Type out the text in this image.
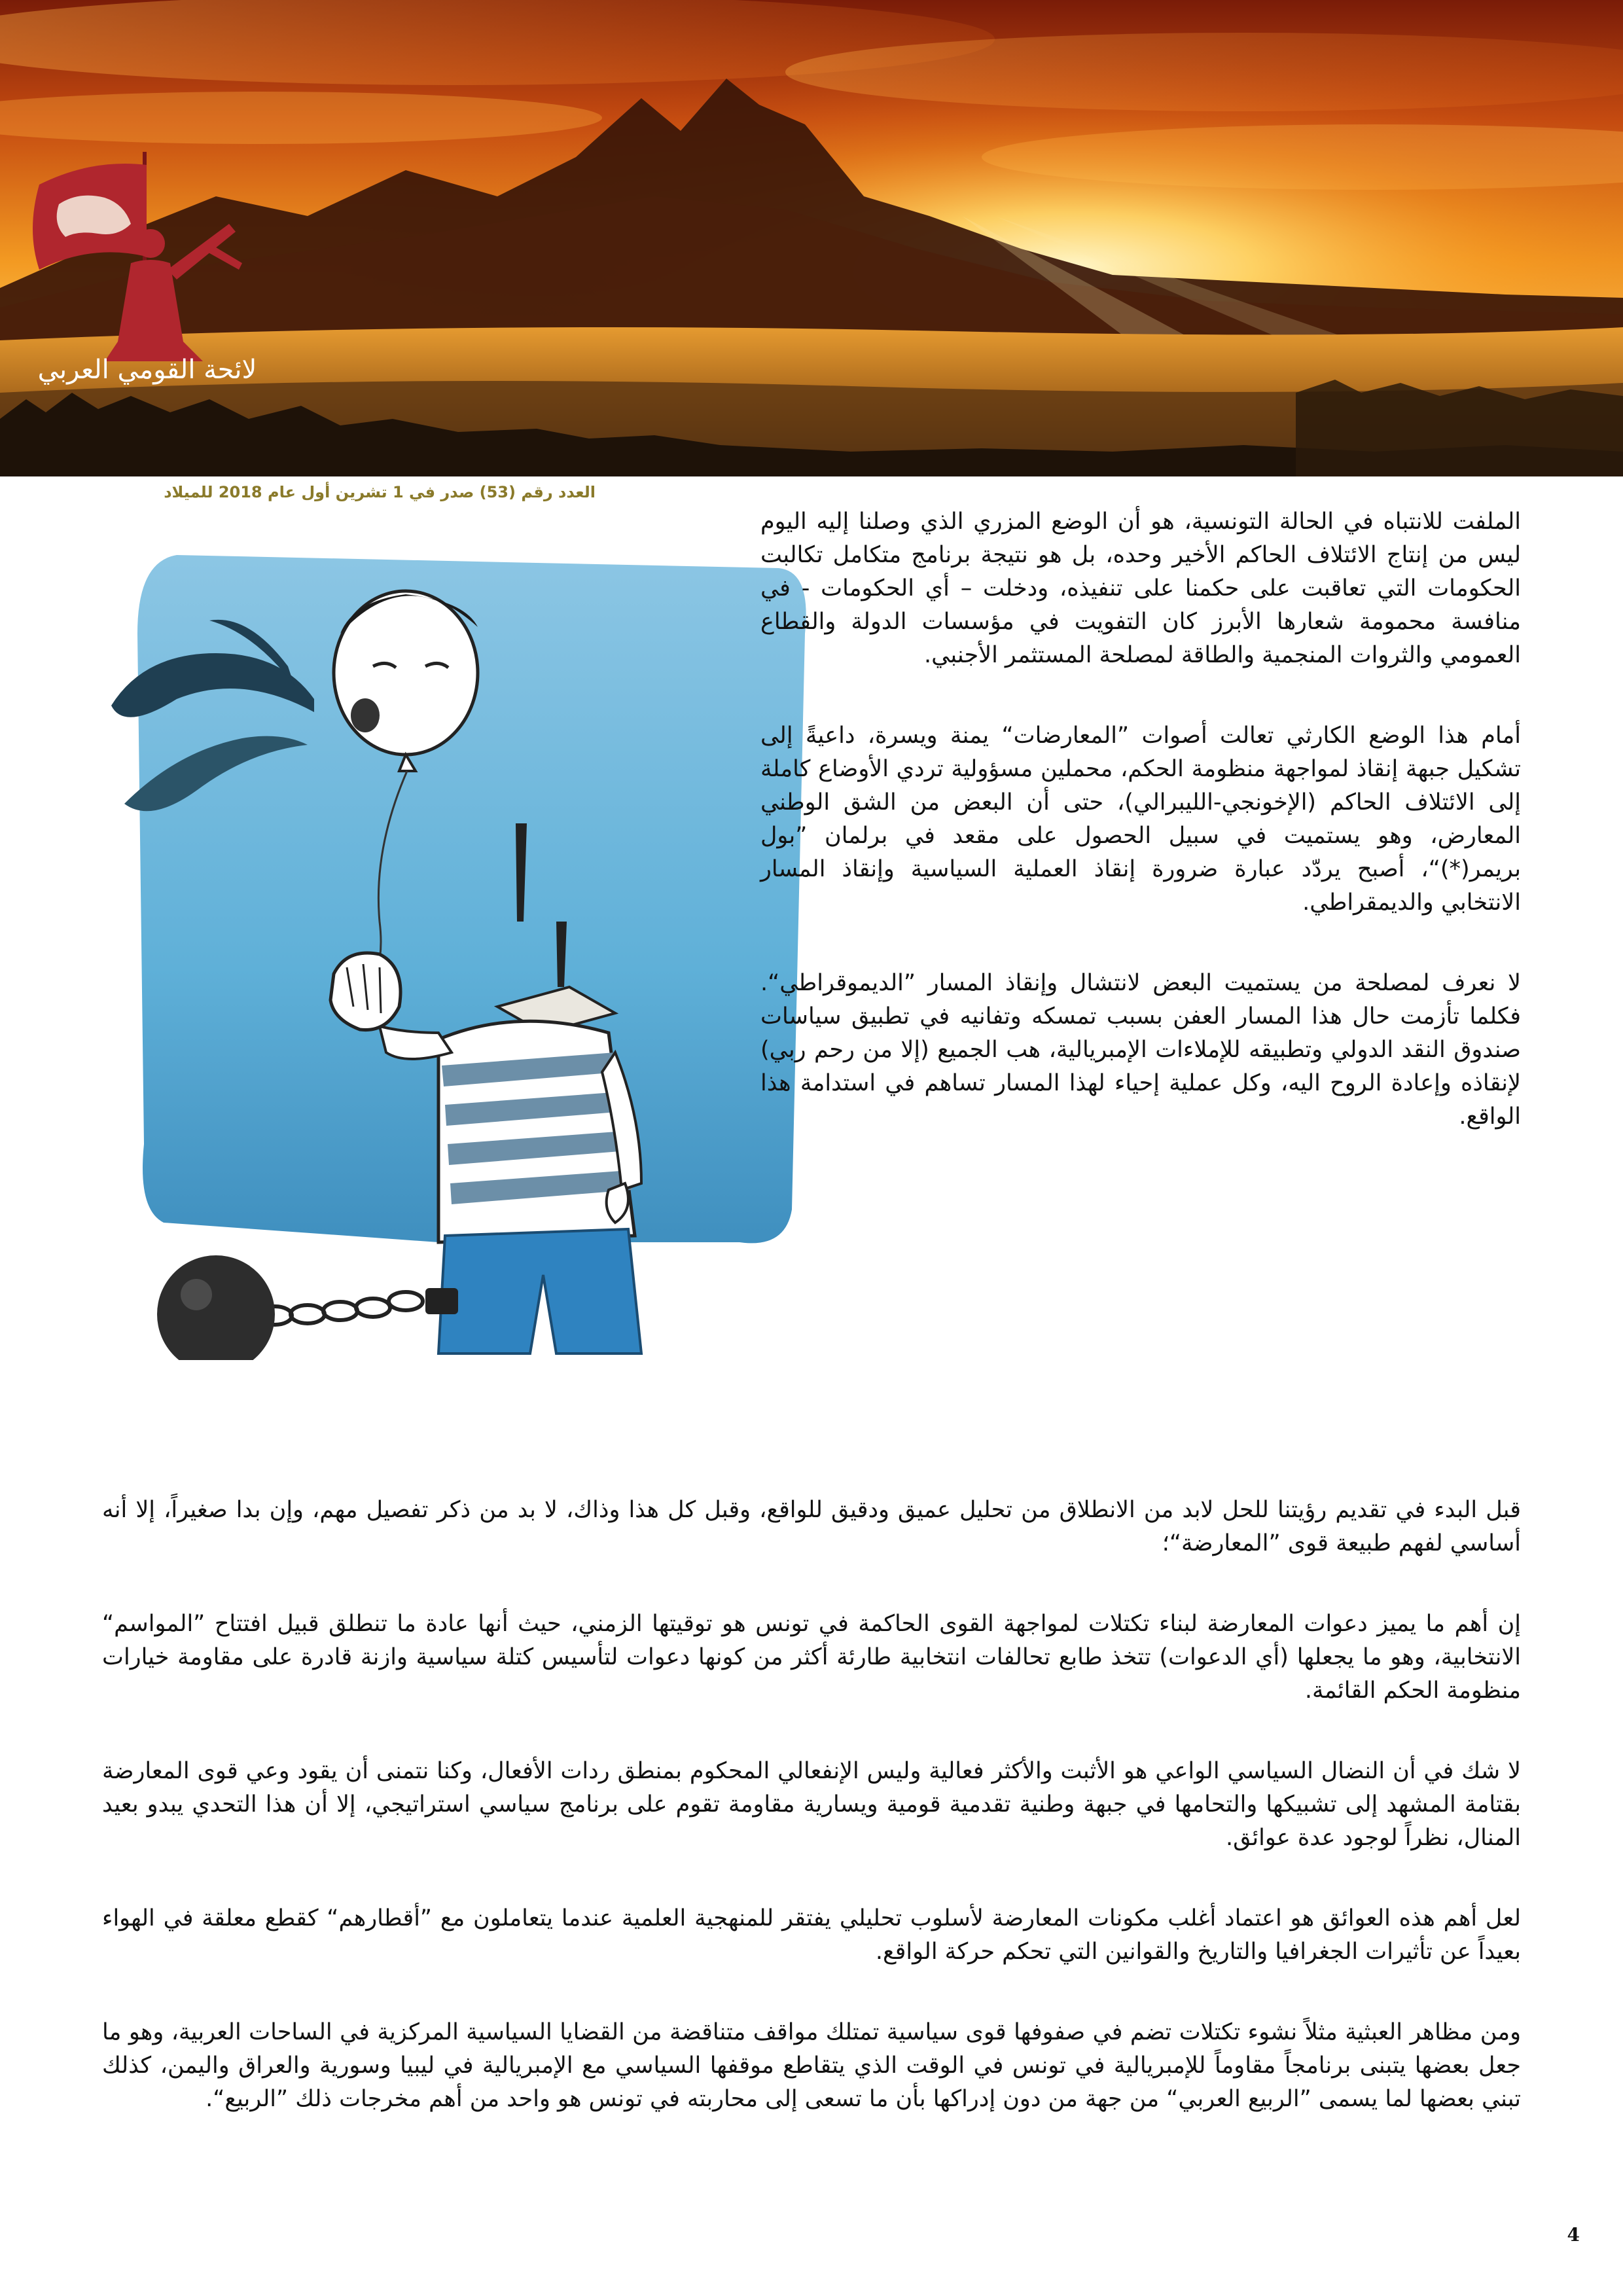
لائحة القومي العربي
العدد رقم (53) صدر في 1 تشرين أول عام 2018 للميلاد

الملفت للانتباه في الحالة التونسية، هو أن الوضع المزري الذي وصلنا إليه اليوم ليس من إنتاج الائتلاف الحاكم الأخير وحده، بل هو نتيجة برنامج متكامل تكالبت الحكومات التي تعاقبت على حكمنا على تنفيذه، ودخلت – أي الحكومات - في منافسة محمومة شعارها الأبرز كان التفويت في مؤسسات الدولة والقطاع العمومي والثروات المنجمية والطاقة لمصلحة المستثمر الأجنبي.

أمام هذا الوضع الكارثي تعالت أصوات ”المعارضات“ يمنة ويسرة، داعيةً إلى تشكيل جبهة إنقاذ لمواجهة منظومة الحكم، محملين مسؤولية تردي الأوضاع كاملة إلى الائتلاف الحاكم (الإخونجي-الليبرالي)، حتى أن البعض من الشق الوطني المعارض، وهو يستميت في سبيل الحصول على مقعد في برلمان ”بول بريمر(*)“، أصبح يردّد عبارة ضرورة إنقاذ العملية السياسية وإنقاذ المسار الانتخابي والديمقراطي.

لا نعرف لمصلحة من يستميت البعض لانتشال وإنقاذ المسار ”الديموقراطي“. فكلما تأزمت حال هذا المسار العفن بسبب تمسكه وتفانيه في تطبيق سياسات صندوق النقد الدولي وتطبيقه للإملاءات الإمبريالية، هب الجميع (إلا من رحم ربي) لإنقاذه وإعادة الروح اليه، وكل عملية إحياء لهذا المسار تساهم في استدامة هذا الواقع.

قبل البدء في تقديم رؤيتنا للحل لابد من الانطلاق من تحليل عميق ودقيق للواقع، وقبل كل هذا وذاك، لا بد من ذكر تفصيل مهم، وإن بدا صغيراً، إلا أنه أساسي لفهم طبيعة قوى ”المعارضة“؛

إن أهم ما يميز دعوات المعارضة لبناء تكتلات لمواجهة القوى الحاكمة في تونس هو توقيتها الزمني، حيث أنها عادة ما تنطلق قبيل افتتاح ”المواسم“ الانتخابية، وهو ما يجعلها (أي الدعوات) تتخذ طابع تحالفات انتخابية طارئة أكثر من كونها دعوات لتأسيس كتلة سياسية وازنة قادرة على مقاومة خيارات منظومة الحكم القائمة.

لا شك في أن النضال السياسي الواعي هو الأثبت والأكثر فعالية وليس الإنفعالي المحكوم بمنطق ردات الأفعال، وكنا نتمنى أن يقود وعي قوى المعارضة بقتامة المشهد إلى تشبيكها والتحامها في جبهة وطنية تقدمية قومية ويسارية مقاومة تقوم على برنامج سياسي استراتيجي، إلا أن هذا التحدي يبدو بعيد المنال، نظراً لوجود عدة عوائق.

لعل أهم هذه العوائق هو اعتماد أغلب مكونات المعارضة لأسلوب تحليلي يفتقر للمنهجية العلمية عندما يتعاملون مع ”أقطارهم“ كقطع معلقة في الهواء بعيداً عن تأثيرات الجغرافيا والتاريخ والقوانين التي تحكم حركة الواقع.

ومن مظاهر العبثية مثلاً نشوء تكتلات تضم في صفوفها قوى سياسية تمتلك مواقف متناقضة من القضايا السياسية المركزية في الساحات العربية، وهو ما جعل بعضها يتبنى برنامجاً مقاوماً للإمبريالية في تونس في الوقت الذي يتقاطع موقفها السياسي مع الإمبريالية في ليبيا وسورية والعراق واليمن، كذلك تبني بعضها لما يسمى ”الربيع العربي“ من جهة من دون إدراكها بأن ما تسعى إلى محاربته في تونس هو واحد من أهم مخرجات ذلك ”الربيع“.

4
